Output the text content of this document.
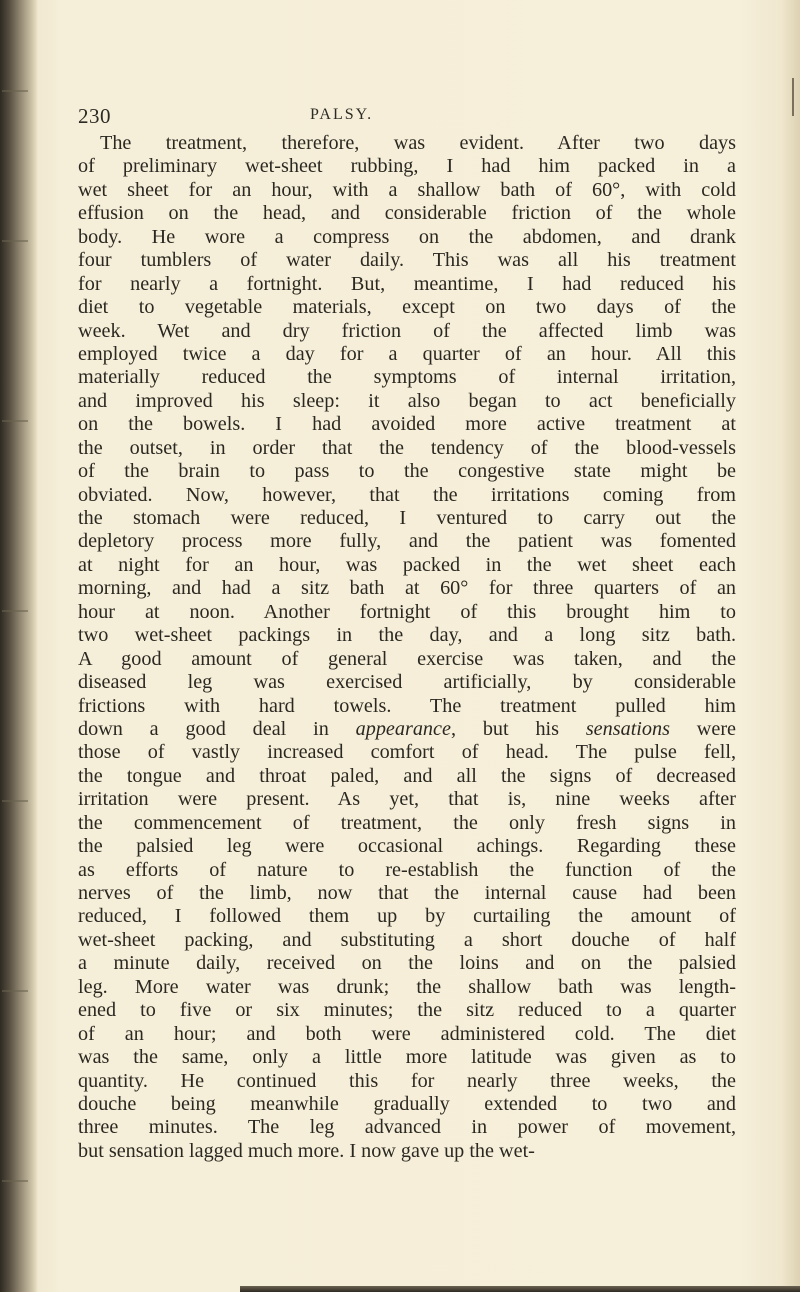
230	PALSY.
The treatment, therefore, was evident. After two days
of preliminary wet-sheet rubbing, I had him packed in a
wet sheet for an hour, with a shallow bath of 60°, with cold
effusion on the head, and considerable friction of the whole
body. He wore a compress on the abdomen, and drank
four tumblers of water daily. This was all his treatment
for nearly a fortnight. But, meantime, I had reduced his
diet to vegetable materials, except on two days of the
week. Wet and dry friction of the affected limb was
employed twice a day for a quarter of an hour. All this
materially reduced the symptoms of internal irritation,
and improved his sleep: it also began to act beneficially
on the bowels. I had avoided more active treatment at
the outset, in order that the tendency of the blood-vessels
of the brain to pass to the congestive state might be
obviated. Now, however, that the irritations coming from
the stomach were reduced, I ventured to carry out the
depletory process more fully, and the patient was fomented
at night for an hour, was packed in the wet sheet each
morning, and had a sitz bath at 60° for three quarters of an
hour at noon. Another fortnight of this brought him to
two wet-sheet packings in the day, and a long sitz bath.
A good amount of general exercise was taken, and the
diseased leg was exercised artificially, by considerable
frictions with hard towels. The treatment pulled him
down a good deal in appearance, but his sensations were
those of vastly increased comfort of head. The pulse fell,
the tongue and throat paled, and all the signs of decreased
irritation were present. As yet, that is, nine weeks after
the commencement of treatment, the only fresh signs in
the palsied leg were occasional achings. Regarding these
as efforts of nature to re-establish the function of the
nerves of the limb, now that the internal cause had been
reduced, I followed them up by curtailing the amount of
wet-sheet packing, and substituting a short douche of half
a minute daily, received on the loins and on the palsied
leg. More water was drunk; the shallow bath was length-
ened to five or six minutes; the sitz reduced to a quarter
of an hour; and both were administered cold. The diet
was the same, only a little more latitude was given as to
quantity. He continued this for nearly three weeks, the
douche being meanwhile gradually extended to two and
three minutes. The leg advanced in power of movement,
but sensation lagged much more. I now gave up the wet-
